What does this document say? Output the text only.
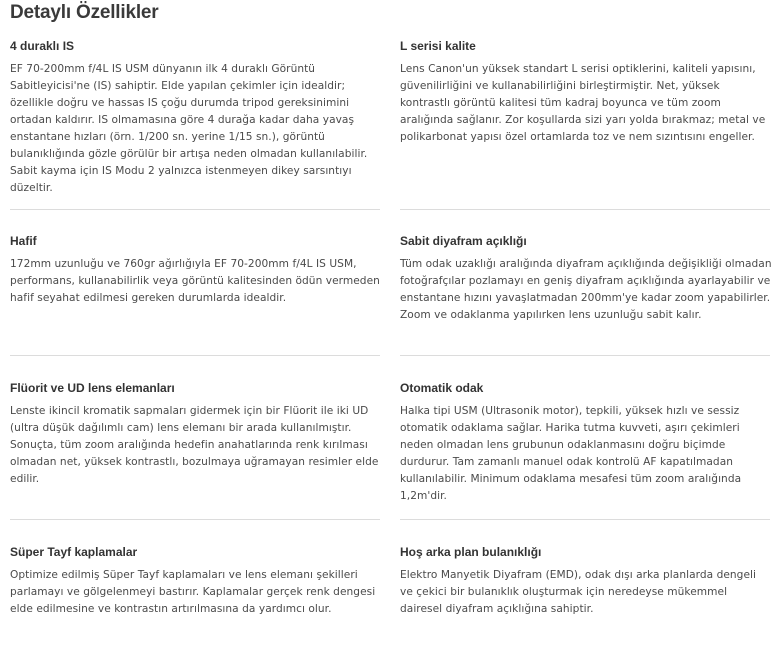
Detaylı Özellikler
4 duraklı IS

EF 70-200mm f/4L IS USM dünyanın ilk 4 duraklı Görüntü Sabitleyicisi'ne (IS) sahiptir. Elde yapılan çekimler için idealdir; özellikle doğru ve hassas IS çoğu durumda tripod gereksinimini ortadan kaldırır. IS olmamasına göre 4 durağa kadar daha yavaş enstantane hızları (örn. 1/200 sn. yerine 1/15 sn.), görüntü bulanıklığında gözle görülür bir artışa neden olmadan kullanılabilir. Sabit kayma için IS Modu 2 yalnızca istenmeyen dikey sarsıntıyı düzeltir.

L serisi kalite

Lens Canon'un yüksek standart L serisi optiklerini, kaliteli yapısını, güvenilirliğini ve kullanabilirliğini birleştirmiştir. Net, yüksek kontrastlı görüntü kalitesi tüm kadraj boyunca ve tüm zoom aralığında sağlanır. Zor koşullarda sizi yarı yolda bırakmaz; metal ve polikarbonat yapısı özel ortamlarda toz ve nem sızıntısını engeller.

Hafif

172mm uzunluğu ve 760gr ağırlığıyla EF 70-200mm f/4L IS USM, performans, kullanabilirlik veya görüntü kalitesinden ödün vermeden hafif seyahat edilmesi gereken durumlarda idealdir.

Sabit diyafram açıklığı

Tüm odak uzaklığı aralığında diyafram açıklığında değişikliği olmadan fotoğrafçılar pozlamayı en geniş diyafram açıklığında ayarlayabilir ve enstantane hızını yavaşlatmadan 200mm'ye kadar zoom yapabilirler. Zoom ve odaklanma yapılırken lens uzunluğu sabit kalır.

Flüorit ve UD lens elemanları

Lenste ikincil kromatik sapmaları gidermek için bir Flüorit ile iki UD (ultra düşük dağılımlı cam) lens elemanı bir arada kullanılmıştır. Sonuçta, tüm zoom aralığında hedefin anahatlarında renk kırılması olmadan net, yüksek kontrastlı, bozulmaya uğramayan resimler elde edilir.

Otomatik odak

Halka tipi USM (Ultrasonik motor), tepkili, yüksek hızlı ve sessiz otomatik odaklama sağlar. Harika tutma kuvveti, aşırı çekimleri neden olmadan lens grubunun odaklanmasını doğru biçimde durdurur. Tam zamanlı manuel odak kontrolü AF kapatılmadan kullanılabilir. Minimum odaklama mesafesi tüm zoom aralığında 1,2m'dir.

Süper Tayf kaplamalar

Optimize edilmiş Süper Tayf kaplamaları ve lens elemanı şekilleri parlamayı ve gölgelenmeyi bastırır. Kaplamalar gerçek renk dengesi elde edilmesine ve kontrastın artırılmasına da yardımcı olur.

Hoş arka plan bulanıklığı

Elektro Manyetik Diyafram (EMD), odak dışı arka planlarda dengeli ve çekici bir bulanıklık oluşturmak için neredeyse mükemmel dairesel diyafram açıklığına sahiptir.
